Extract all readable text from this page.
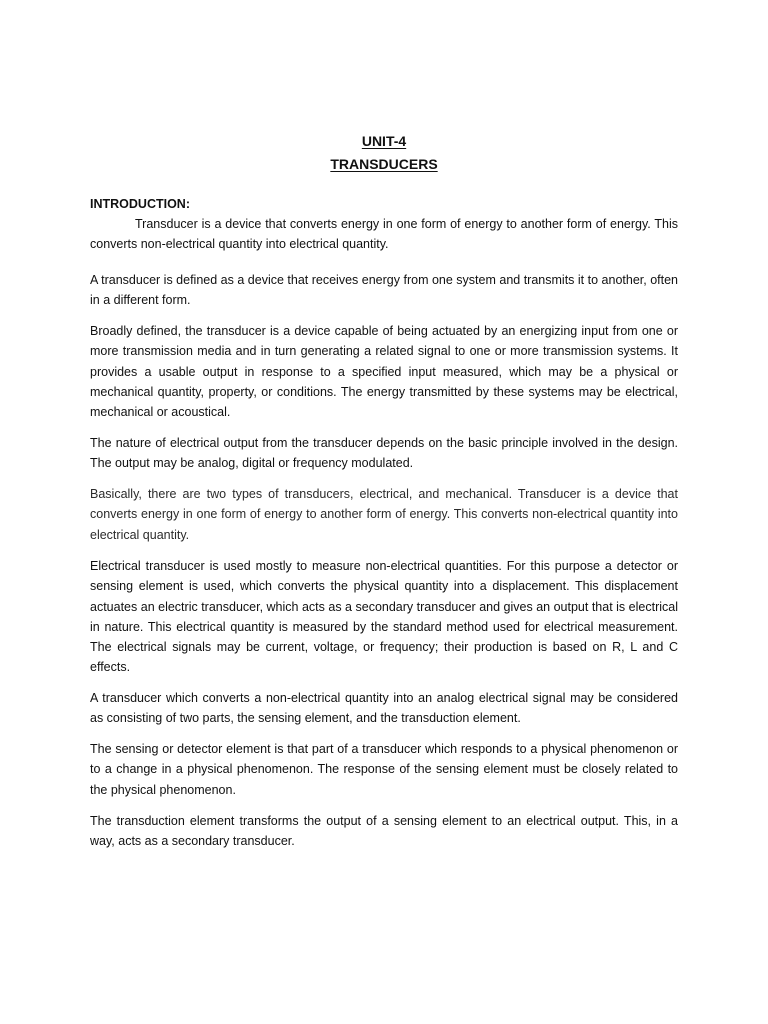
UNIT-4
TRANSDUCERS

INTRODUCTION:

Transducer is a device that converts energy in one form of energy to another form of energy. This converts non-electrical quantity into electrical quantity.

A transducer is defined as a device that receives energy from one system and transmits it to another, often in a different form.

Broadly defined, the transducer is a device capable of being actuated by an energizing input from one or more transmission media and in turn generating a related signal to one or more transmission systems. It provides a usable output in response to a specified input measured, which may be a physical or mechanical quantity, property, or conditions. The energy transmitted by these systems may be electrical, mechanical or acoustical.

The nature of electrical output from the transducer depends on the basic principle involved in the design. The output may be analog, digital or frequency modulated.

Basically, there are two types of transducers, electrical, and mechanical. Transducer is a device that converts energy in one form of energy to another form of energy. This converts non-electrical quantity into electrical quantity.

Electrical transducer is used mostly to measure non-electrical quantities. For this purpose a detector or sensing element is used, which converts the physical quantity into a displacement. This displacement actuates an electric transducer, which acts as a secondary transducer and gives an output that is electrical in nature. This electrical quantity is measured by the standard method used for electrical measurement. The electrical signals may be current, voltage, or frequency; their production is based on R, L and C effects.

A transducer which converts a non-electrical quantity into an analog electrical signal may be considered as consisting of two parts, the sensing element, and the transduction element.

The sensing or detector element is that part of a transducer which responds to a physical phenomenon or to a change in a physical phenomenon. The response of the sensing element must be closely related to the physical phenomenon.

The transduction element transforms the output of a sensing element to an electrical output. This, in a way, acts as a secondary transducer.
